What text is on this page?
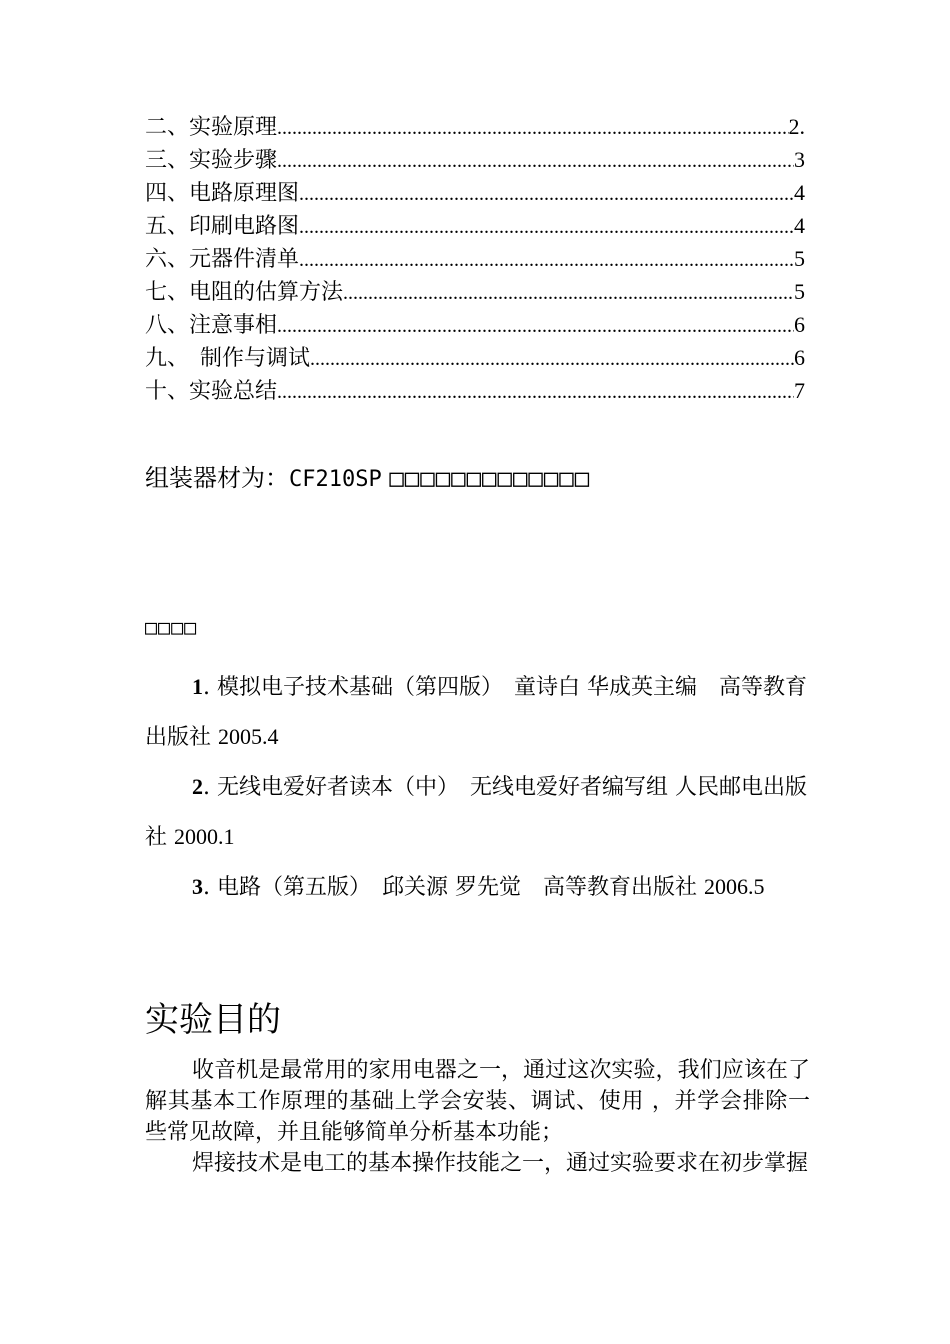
二、实验原理 .....	2.
三、实验步骤 .....	3
四、电路原理图 .....	4
五、印刷电路图 .....	4
六、元器件清单 .....	5
七、电阻的估算方法 .....	5
八、注意事相 .....	6
九、　制作与调试 .....	6
十、实验总结 .....	7
组装器材为：CF210SP □□□□□□□□□□□□□
□□□□
1. 模拟电子技术基础（第四版）　童诗白 华成英主编　高等教育出版社 2005.4
2. 无线电爱好者读本（中）　无线电爱好者编写组 人民邮电出版社 2000.1
3. 电路（第五版）　邱关源 罗先觉　高等教育出版社 2006.5
实验目的

收音机是最常用的家用电器之一，通过这次实验，我们应该在了解其基本工作原理的基础上学会安装、调试、使用 ，并学会排除一些常见故障，并且能够简单分析基本功能；

焊接技术是电工的基本操作技能之一，通过实验要求在初步掌握
